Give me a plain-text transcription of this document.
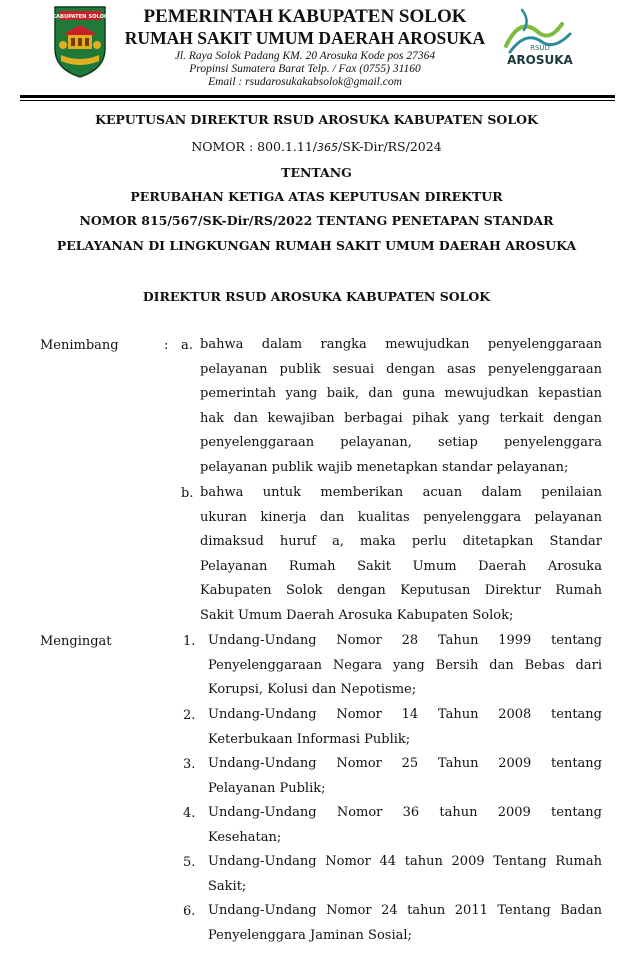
KABUPATEN SOLOK	PEMERINTAH KABUPATEN SOLOK
RUMAH SAKIT UMUM DAERAH AROSUKA
Jl. Raya Solok Padang KM. 20 Arosuka Kode pos 27364
Propinsi Sumatera Barat Telp. / Fax (0755) 31160
Email : rsudarosukakabsolok@gmail.com
RSUD
AROSUKA
KEPUTUSAN DIREKTUR RSUD AROSUKA KABUPATEN SOLOK
NOMOR : 800.1.11/365/SK-Dir/RS/2024
TENTANG
PERUBAHAN KETIGA ATAS KEPUTUSAN DIREKTUR
NOMOR 815/567/SK-Dir/RS/2022 TENTANG PENETAPAN STANDAR
PELAYANAN DI LINGKUNGAN RUMAH SAKIT UMUM DAERAH AROSUKA
DIREKTUR RSUD AROSUKA KABUPATEN SOLOK
Menimbang	: a. bahwa dalam rangka mewujudkan penyelenggaraan
pelayanan publik sesuai dengan asas penyelenggaraan
pemerintah yang baik, dan guna mewujudkan kepastian
hak dan kewajiban berbagai pihak yang terkait dengan
penyelenggaraan pelayanan, setiap penyelenggara
pelayanan publik wajib menetapkan standar pelayanan;
b. bahwa untuk memberikan acuan dalam penilaian
ukuran kinerja dan kualitas penyelenggara pelayanan
dimaksud huruf a, maka perlu ditetapkan Standar
Pelayanan Rumah Sakit Umum Daerah Arosuka
Kabupaten Solok dengan Keputusan Direktur Rumah
Sakit Umum Daerah Arosuka Kabupaten Solok;
Mengingat	1. Undang-Undang Nomor 28 Tahun 1999 tentang
Penyelenggaraan Negara yang Bersih dan Bebas dari
Korupsi, Kolusi dan Nepotisme;
2. Undang-Undang Nomor 14 Tahun 2008 tentang
Keterbukaan Informasi Publik;
3. Undang-Undang Nomor 25 Tahun 2009 tentang
Pelayanan Publik;
4. Undang-Undang Nomor 36 tahun 2009 tentang
Kesehatan;
5. Undang-Undang Nomor 44 tahun 2009 Tentang Rumah
Sakit;
6. Undang-Undang Nomor 24 tahun 2011 Tentang Badan
Penyelenggara Jaminan Sosial;
